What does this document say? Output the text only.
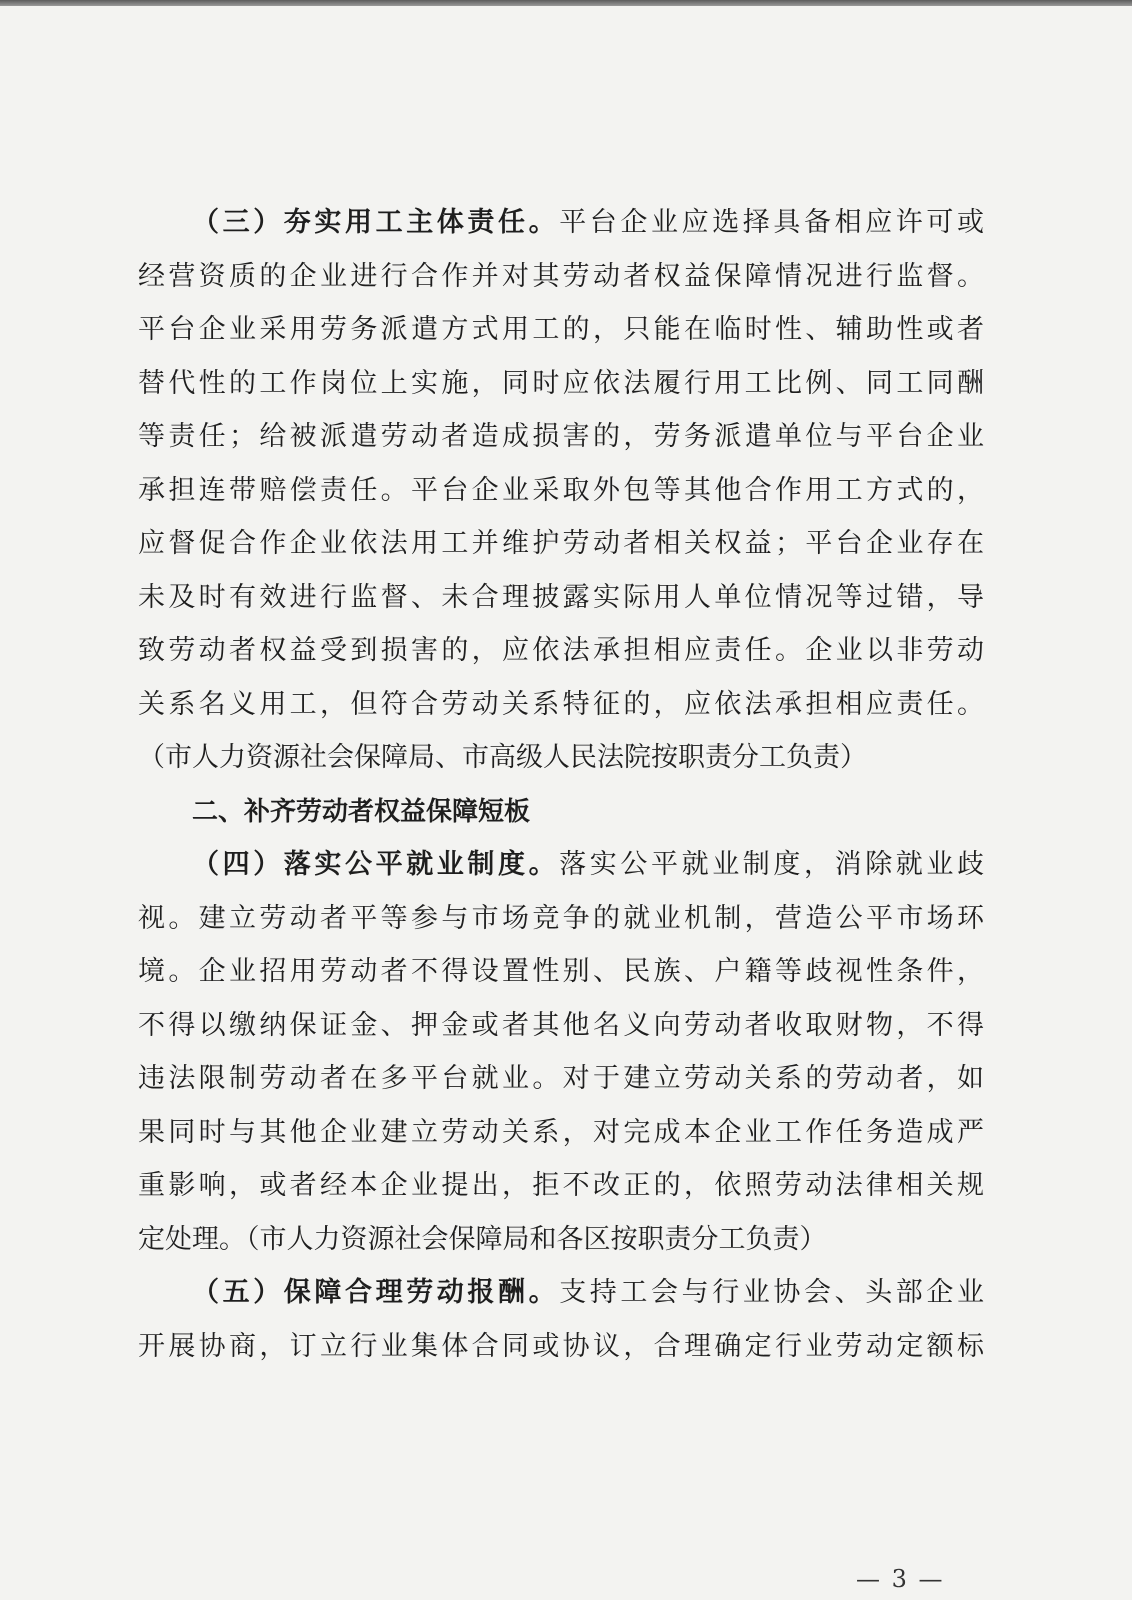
（三）夯实用工主体责任。平台企业应选择具备相应许可或
经营资质的企业进行合作并对其劳动者权益保障情况进行监督。
平台企业采用劳务派遣方式用工的，只能在临时性、辅助性或者
替代性的工作岗位上实施，同时应依法履行用工比例、同工同酬
等责任；给被派遣劳动者造成损害的，劳务派遣单位与平台企业
承担连带赔偿责任。平台企业采取外包等其他合作用工方式的，
应督促合作企业依法用工并维护劳动者相关权益；平台企业存在
未及时有效进行监督、未合理披露实际用人单位情况等过错，导
致劳动者权益受到损害的，应依法承担相应责任。企业以非劳动
关系名义用工，但符合劳动关系特征的，应依法承担相应责任。
（市人力资源社会保障局、市高级人民法院按职责分工负责）
二、补齐劳动者权益保障短板
（四）落实公平就业制度。落实公平就业制度，消除就业歧
视。建立劳动者平等参与市场竞争的就业机制，营造公平市场环
境。企业招用劳动者不得设置性别、民族、户籍等歧视性条件，
不得以缴纳保证金、押金或者其他名义向劳动者收取财物，不得
违法限制劳动者在多平台就业。对于建立劳动关系的劳动者，如
果同时与其他企业建立劳动关系，对完成本企业工作任务造成严
重影响，或者经本企业提出，拒不改正的，依照劳动法律相关规
定处理。（市人力资源社会保障局和各区按职责分工负责）
（五）保障合理劳动报酬。支持工会与行业协会、头部企业
开展协商，订立行业集体合同或协议，合理确定行业劳动定额标
— 3 —
